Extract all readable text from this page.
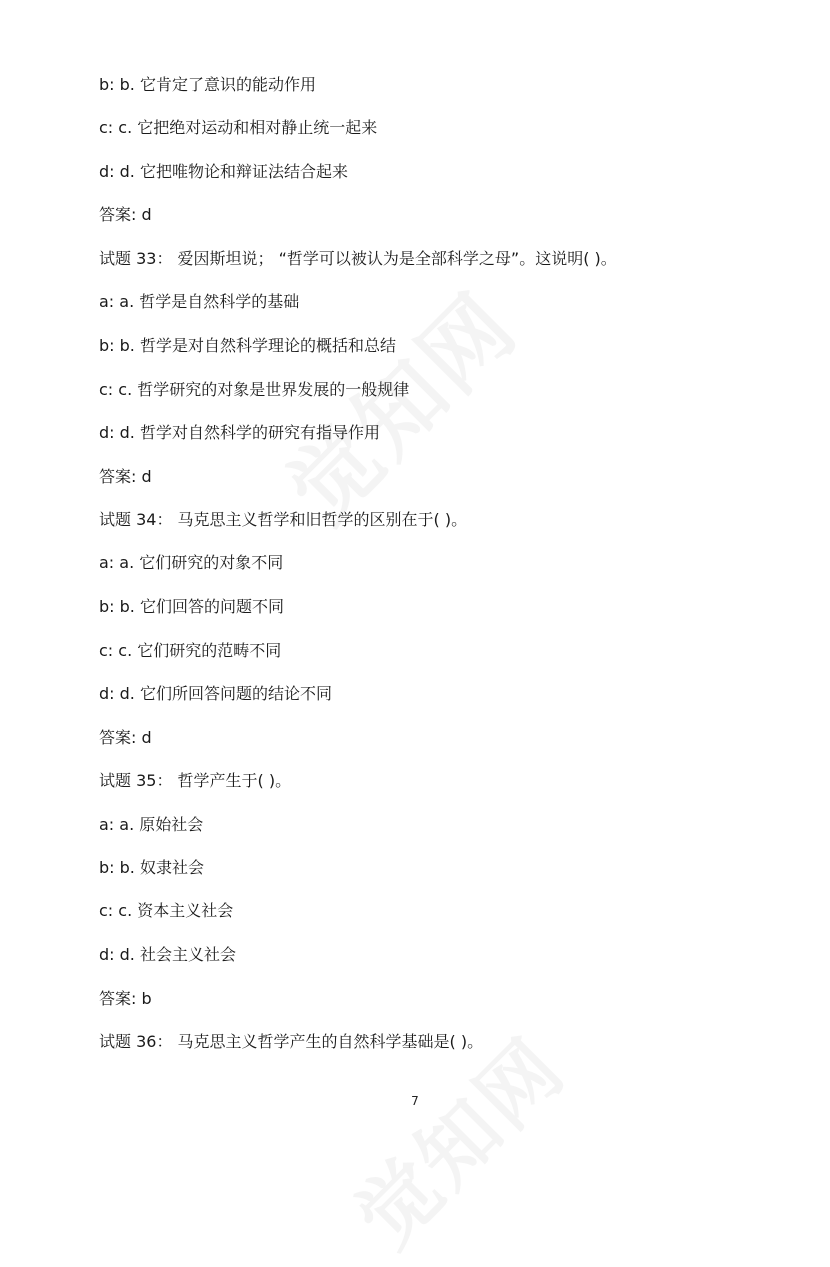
b: b. 它肯定了意识的能动作用
c: c. 它把绝对运动和相对静止统一起来
d: d. 它把唯物论和辩证法结合起来
答案: d
试题 33： 爱因斯坦说； “哲学可以被认为是全部科学之母”。这说明( )。
a: a. 哲学是自然科学的基础
b: b. 哲学是对自然科学理论的概括和总结
c: c. 哲学研究的对象是世界发展的一般规律
d: d. 哲学对自然科学的研究有指导作用
答案: d
试题 34： 马克思主义哲学和旧哲学的区别在于( )。
a: a. 它们研究的对象不同
b: b. 它们回答的问题不同
c: c. 它们研究的范畴不同
d: d. 它们所回答问题的结论不同
答案: d
试题 35： 哲学产生于( )。
a: a. 原始社会
b: b. 奴隶社会
c: c. 资本主义社会
d: d. 社会主义社会
答案: b
试题 36： 马克思主义哲学产生的自然科学基础是( )。
7
